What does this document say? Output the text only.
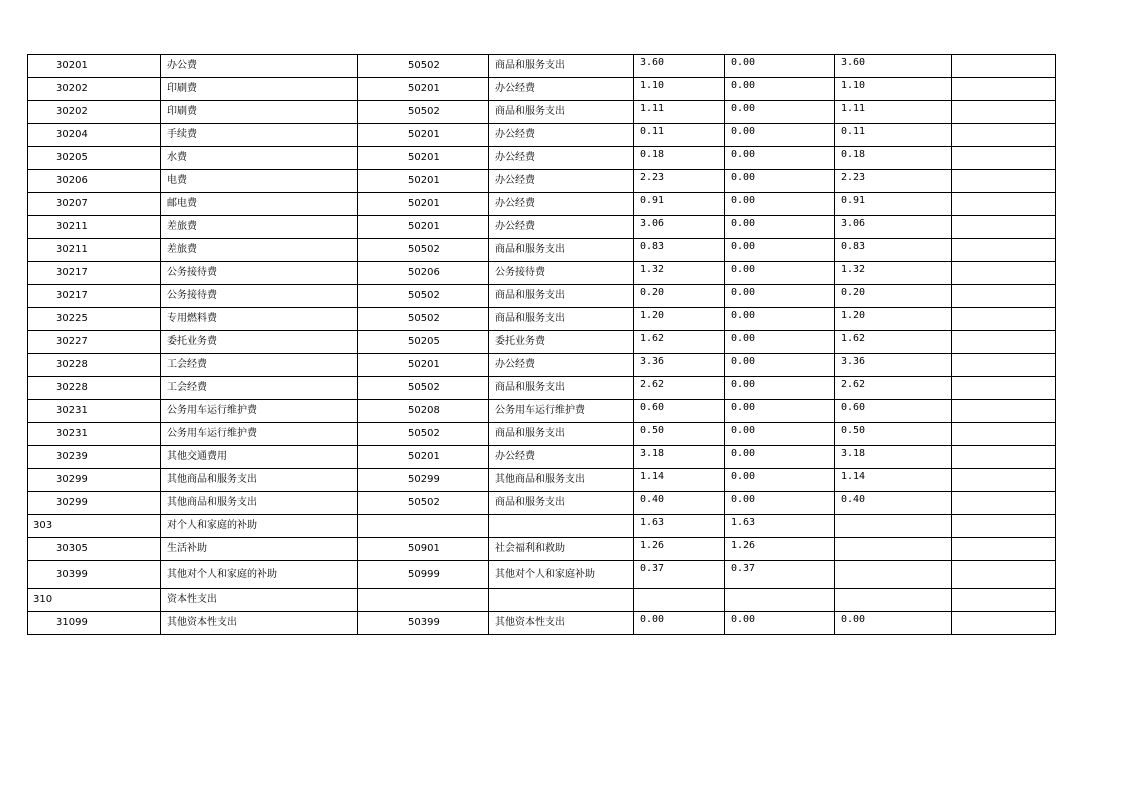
30201	办公费	50502	商品和服务支出	3.60	0.00	3.60	
30202	印刷费	50201	办公经费	1.10	0.00	1.10	
30202	印刷费	50502	商品和服务支出	1.11	0.00	1.11	
30204	手续费	50201	办公经费	0.11	0.00	0.11	
30205	水费	50201	办公经费	0.18	0.00	0.18	
30206	电费	50201	办公经费	2.23	0.00	2.23	
30207	邮电费	50201	办公经费	0.91	0.00	0.91	
30211	差旅费	50201	办公经费	3.06	0.00	3.06	
30211	差旅费	50502	商品和服务支出	0.83	0.00	0.83	
30217	公务接待费	50206	公务接待费	1.32	0.00	1.32	
30217	公务接待费	50502	商品和服务支出	0.20	0.00	0.20	
30225	专用燃料费	50502	商品和服务支出	1.20	0.00	1.20	
30227	委托业务费	50205	委托业务费	1.62	0.00	1.62	
30228	工会经费	50201	办公经费	3.36	0.00	3.36	
30228	工会经费	50502	商品和服务支出	2.62	0.00	2.62	
30231	公务用车运行维护费	50208	公务用车运行维护费	0.60	0.00	0.60	
30231	公务用车运行维护费	50502	商品和服务支出	0.50	0.00	0.50	
30239	其他交通费用	50201	办公经费	3.18	0.00	3.18	
30299	其他商品和服务支出	50299	其他商品和服务支出	1.14	0.00	1.14	
30299	其他商品和服务支出	50502	商品和服务支出	0.40	0.00	0.40	
303	对个人和家庭的补助			1.63	1.63		
30305	生活补助	50901	社会福利和救助	1.26	1.26		
30399	其他对个人和家庭的补助	50999	其他对个人和家庭补助	0.37	0.37		
310	资本性支出						
31099	其他资本性支出	50399	其他资本性支出	0.00	0.00	0.00	
